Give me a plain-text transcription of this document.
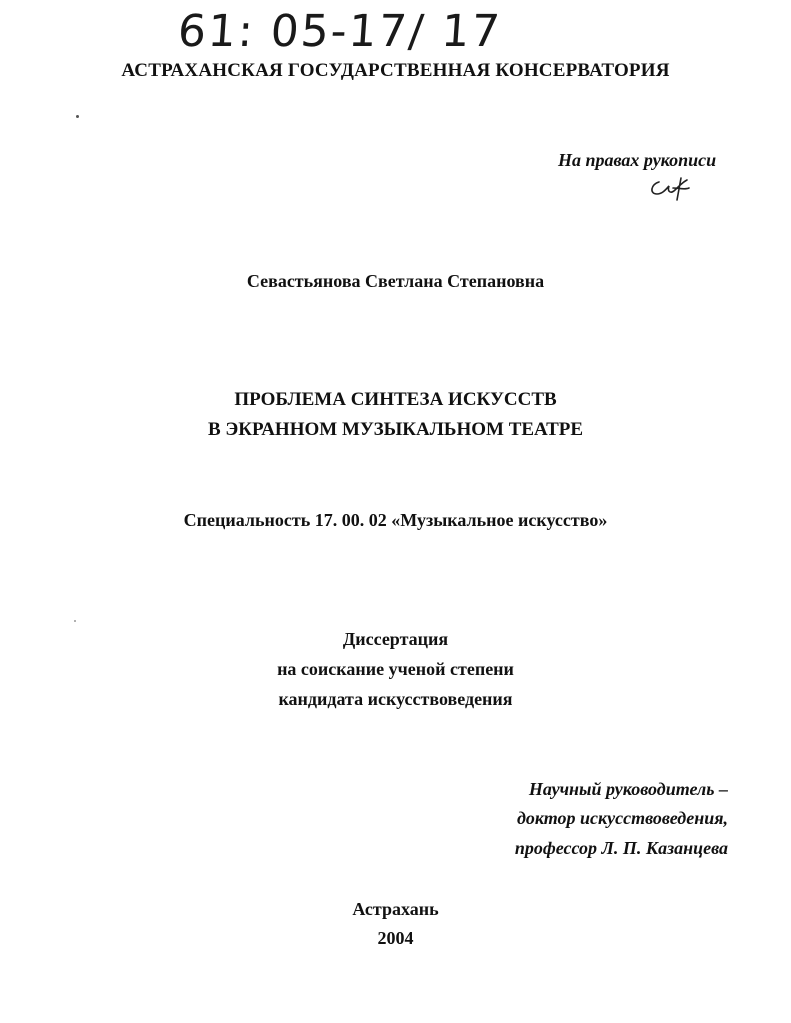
61: 05-17/ 17
АСТРАХАНСКАЯ ГОСУДАРСТВЕННАЯ КОНСЕРВАТОРИЯ
На правах рукописи
Севастьянова Светлана Степановна
ПРОБЛЕМА СИНТЕЗА ИСКУССТВ
В ЭКРАННОМ МУЗЫКАЛЬНОМ ТЕАТРЕ
Специальность 17. 00. 02 «Музыкальное искусство»
Диссертация
на соискание ученой степени
кандидата искусствоведения
Научный руководитель –
доктор искусствоведения,
профессор Л. П. Казанцева
Астрахань
2004
